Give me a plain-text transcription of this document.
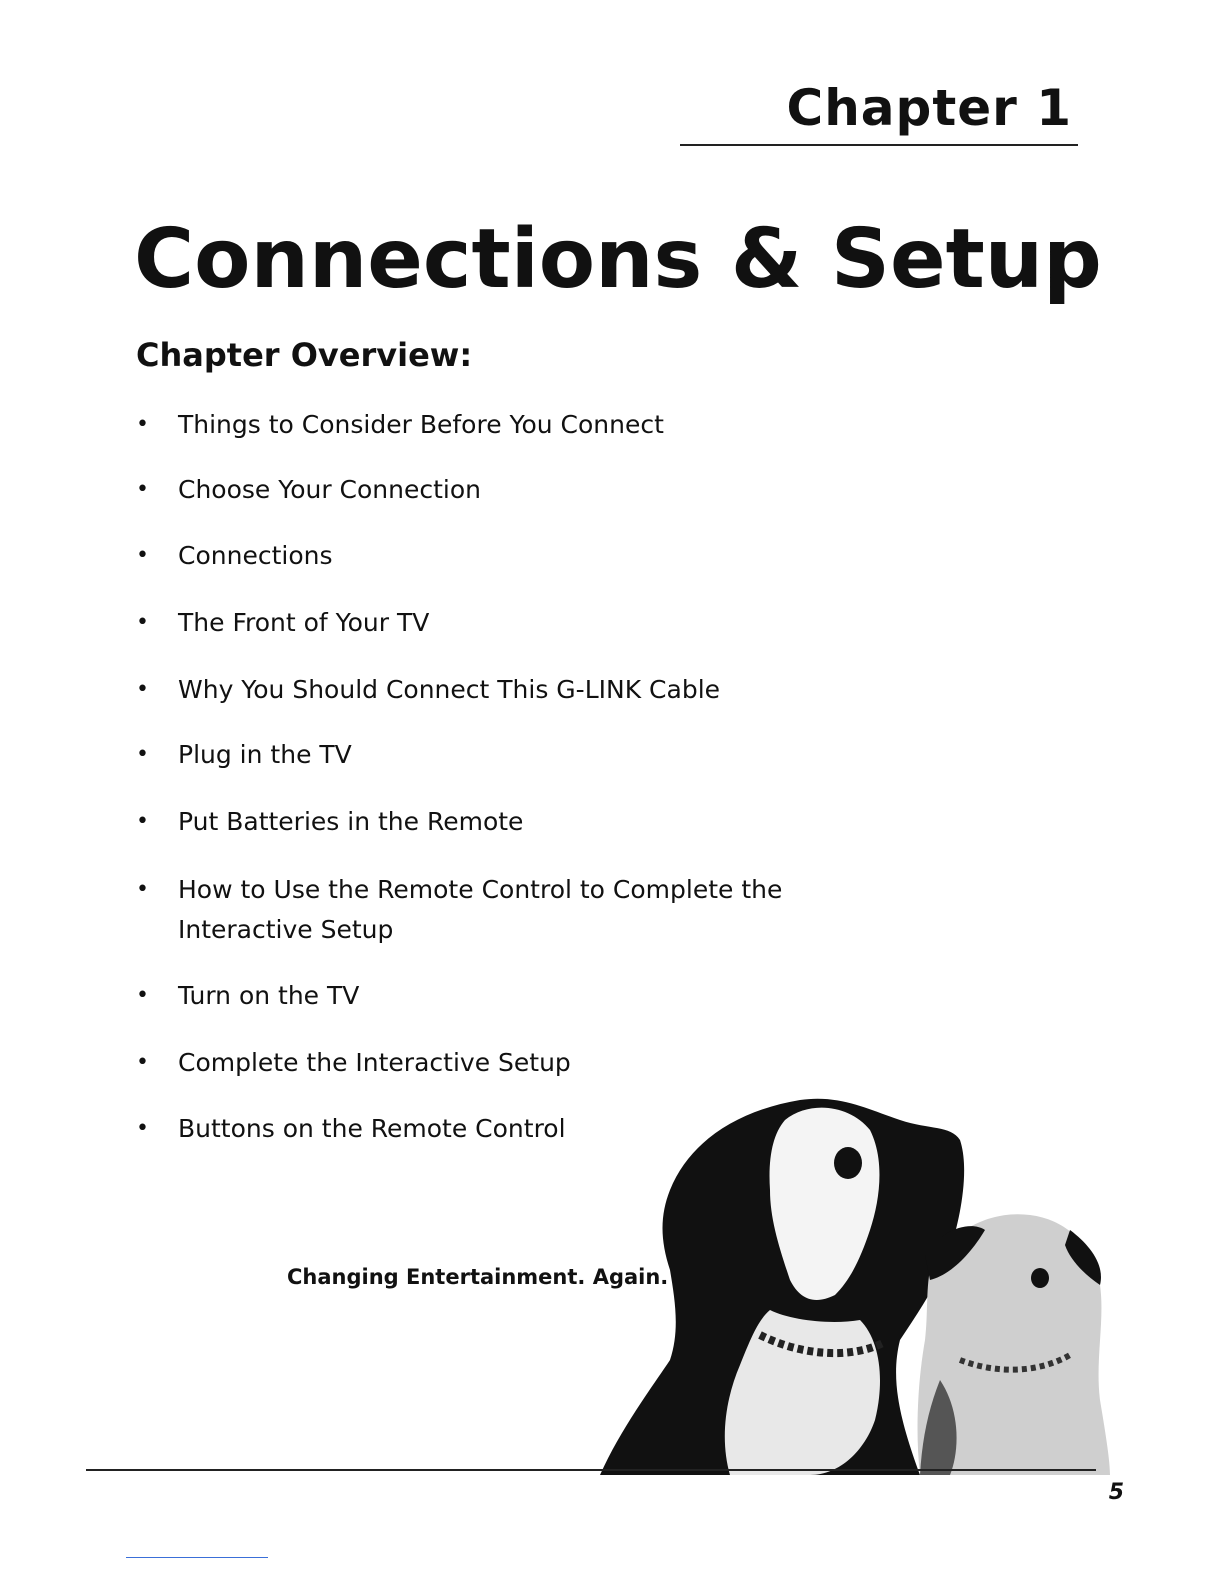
Chapter 1
Connections & Setup
Chapter Overview:
•	Things to Consider Before You Connect
•	Choose Your Connection
•	Connections
•	The Front of Your TV
•	Why You Should Connect This G-LINK Cable
•	Plug in the TV
•	Put Batteries in the Remote
•	How to Use the Remote Control to Complete the
Interactive Setup
•	Turn on the TV
•	Complete the Interactive Setup
•	Buttons on the Remote Control
Changing Entertainment. Again.
5
